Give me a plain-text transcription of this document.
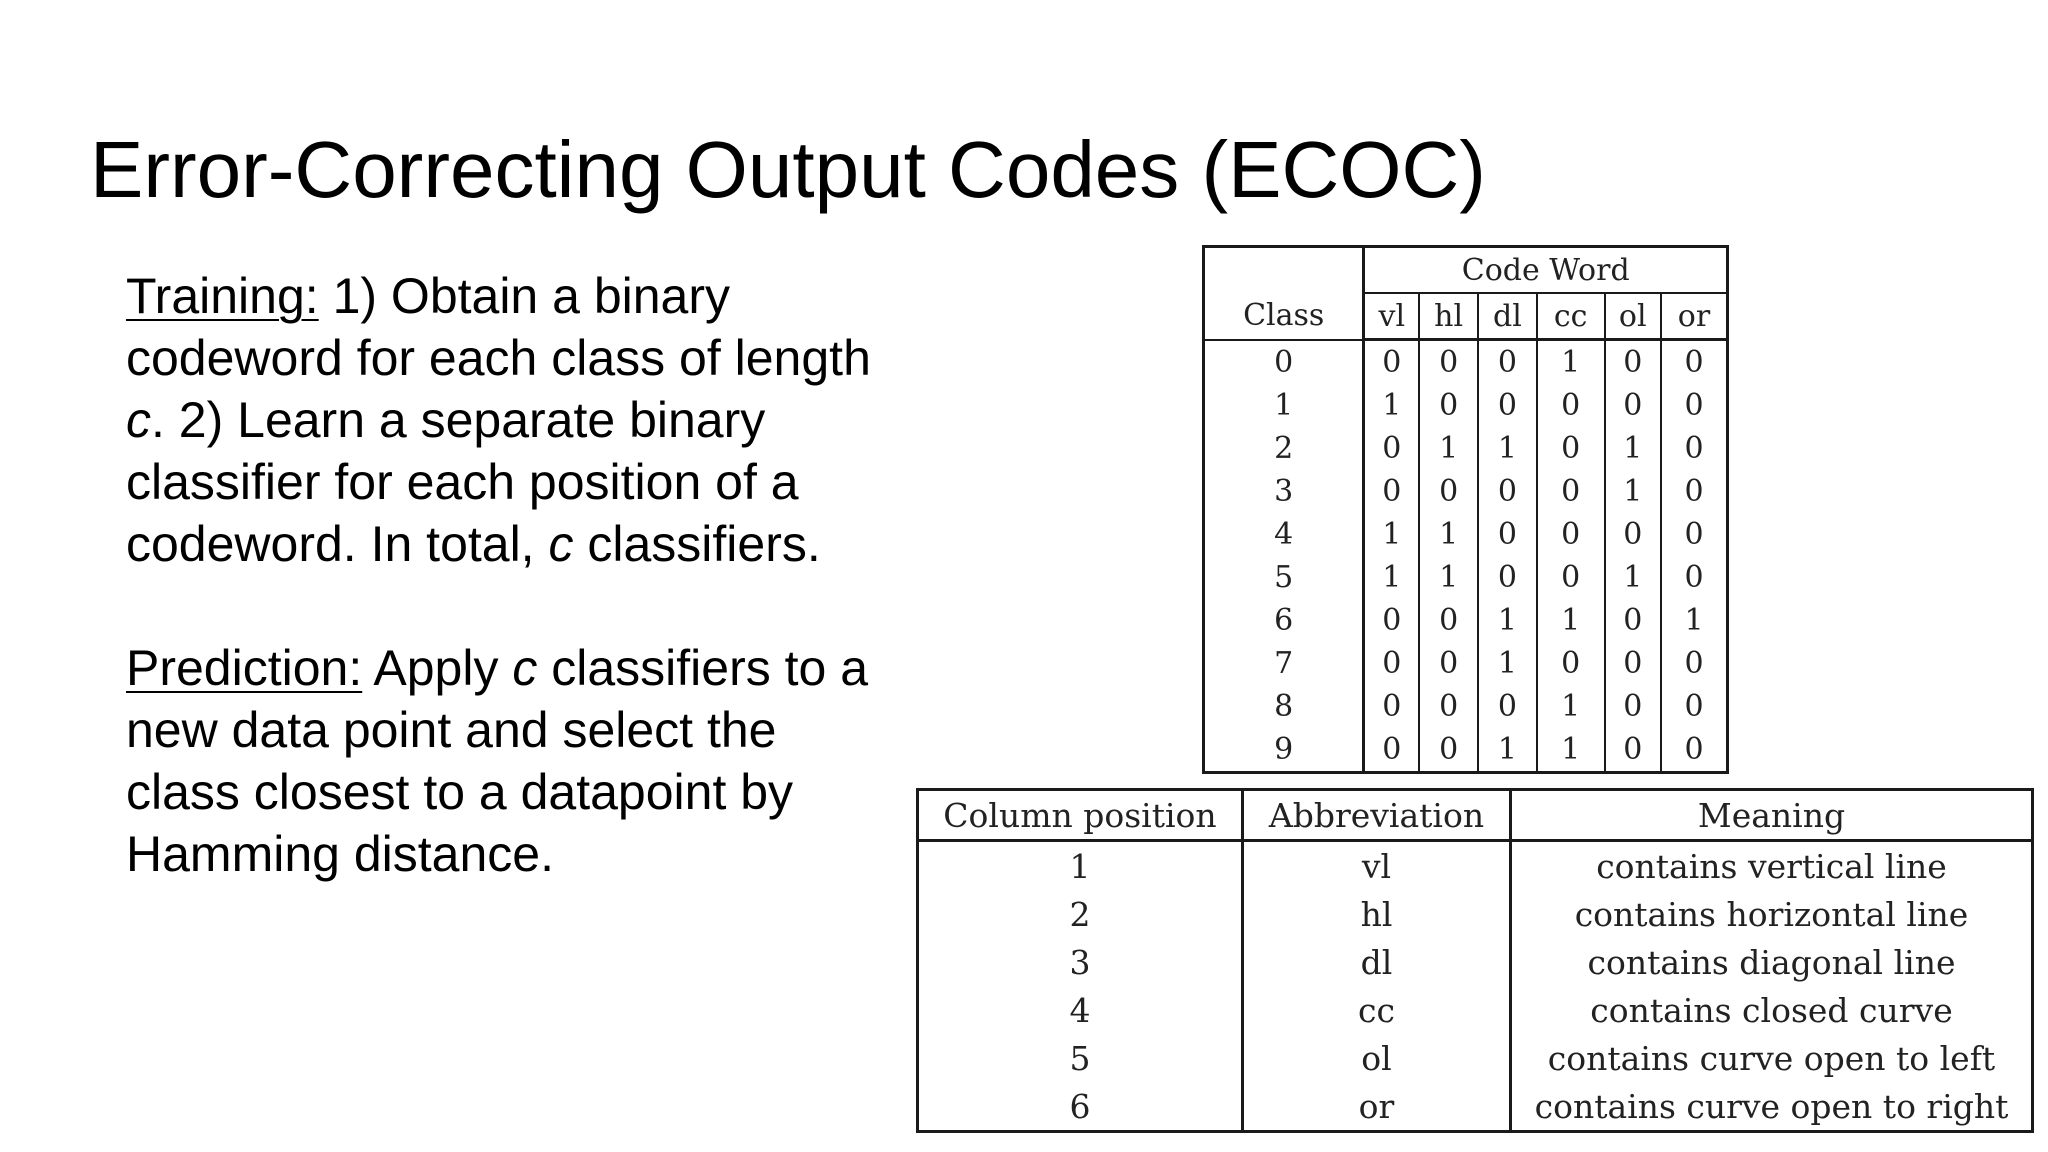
Error-Correcting Output Codes (ECOC)

Training: 1) Obtain a binary codeword for each class of length c. 2) Learn a separate binary classifier for each position of a codeword. In total, c classifiers.

Prediction: Apply c classifiers to a new data point and select the class closest to a datapoint by Hamming distance.

Class	Code Word					
	vl	hl	dl	cc	ol	or
0	0	0	0	1	0	0
1	1	0	0	0	0	0
2	0	1	1	0	1	0
3	0	0	0	0	1	0
4	1	1	0	0	0	0
5	1	1	0	0	1	0
6	0	0	1	1	0	1
7	0	0	1	0	0	0
8	0	0	0	1	0	0
9	0	0	1	1	0	0
Column position	Abbreviation	Meaning
1	vl	contains vertical line
2	hl	contains horizontal line
3	dl	contains diagonal line
4	cc	contains closed curve
5	ol	contains curve open to left
6	or	contains curve open to right
